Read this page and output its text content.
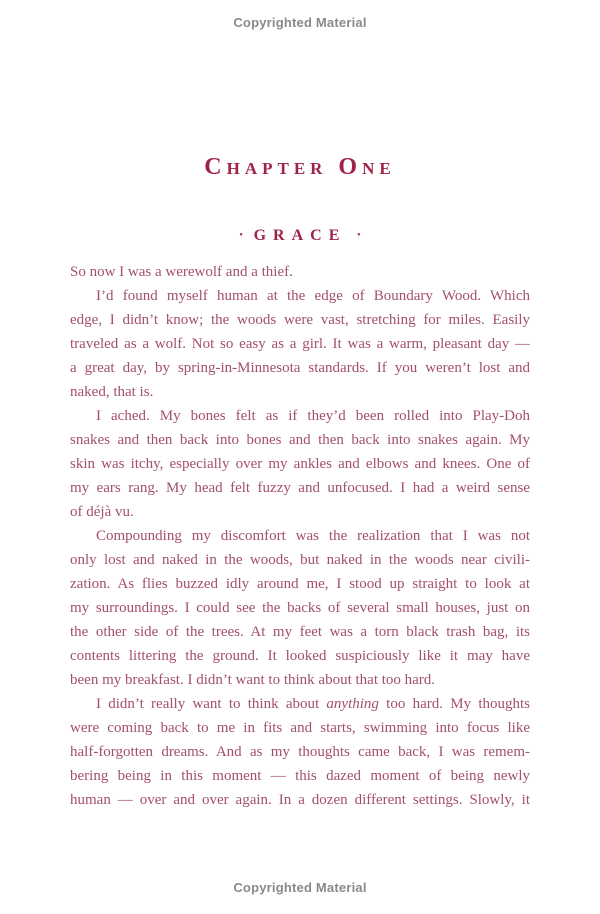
Copyrighted Material
Chapter One
· GRACE ·
So now I was a werewolf and a thief.
I’d found myself human at the edge of Boundary Wood. Which
edge, I didn’t know; the woods were vast, stretching for miles. Easily
traveled as a wolf. Not so easy as a girl. It was a warm, pleasant day —
a great day, by spring-in-Minnesota standards. If you weren’t lost and
naked, that is.
I ached. My bones felt as if they’d been rolled into Play-Doh
snakes and then back into bones and then back into snakes again. My
skin was itchy, especially over my ankles and elbows and knees. One of
my ears rang. My head felt fuzzy and unfocused. I had a weird sense
of déjà vu.
Compounding my discomfort was the realization that I was not
only lost and naked in the woods, but naked in the woods near civili-
zation. As flies buzzed idly around me, I stood up straight to look at
my surroundings. I could see the backs of several small houses, just on
the other side of the trees. At my feet was a torn black trash bag, its
contents littering the ground. It looked suspiciously like it may have
been my breakfast. I didn’t want to think about that too hard.
I didn’t really want to think about anything too hard. My thoughts
were coming back to me in fits and starts, swimming into focus like
half-forgotten dreams. And as my thoughts came back, I was remem-
bering being in this moment — this dazed moment of being newly
human — over and over again. In a dozen different settings. Slowly, it
Copyrighted Material
